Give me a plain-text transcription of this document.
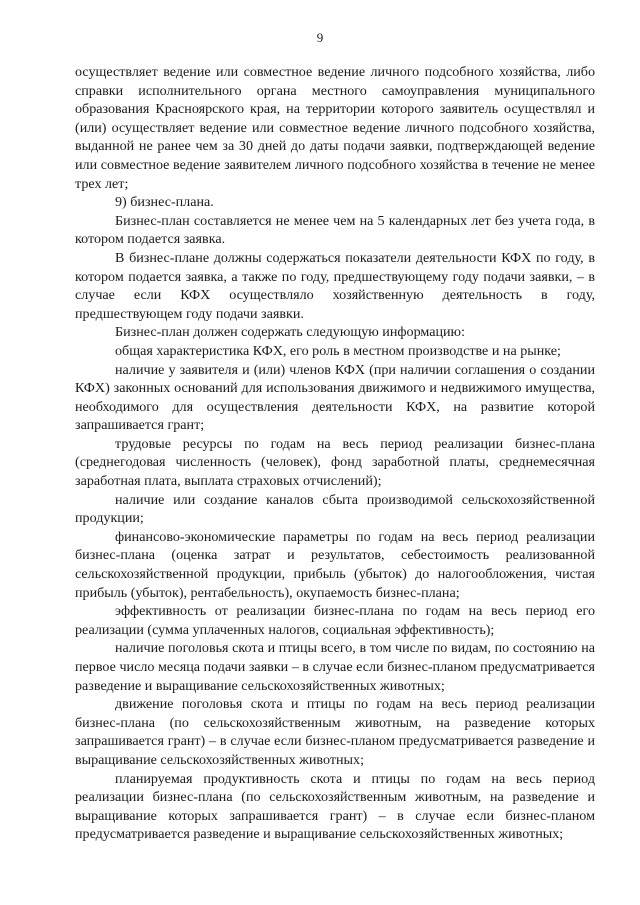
9

осуществляет ведение или совместное ведение личного подсобного хозяйства, либо справки исполнительного органа местного самоуправления муниципального образования Красноярского края, на территории которого заявитель осуществлял и (или) осуществляет ведение или совместное ведение личного подсобного хозяйства, выданной не ранее чем за 30 дней до даты подачи заявки, подтверждающей ведение или совместное ведение заявителем личного подсобного хозяйства в течение не менее трех лет;

9) бизнес-плана.

Бизнес-план составляется не менее чем на 5 календарных лет без учета года, в котором подается заявка.

В бизнес-плане должны содержаться показатели деятельности КФХ по году, в котором подается заявка, а также по году, предшествующему году подачи заявки, – в случае если КФХ осуществляло хозяйственную деятельность в году, предшествующем году подачи заявки.

Бизнес-план должен содержать следующую информацию:

общая характеристика КФХ, его роль в местном производстве и на рынке;

наличие у заявителя и (или) членов КФХ (при наличии соглашения о создании КФХ) законных оснований для использования движимого и недвижимого имущества, необходимого для осуществления деятельности КФХ, на развитие которой запрашивается грант;

трудовые ресурсы по годам на весь период реализации бизнес-плана (среднегодовая численность (человек), фонд заработной платы, среднемесячная заработная плата, выплата страховых отчислений);

наличие или создание каналов сбыта производимой сельскохозяйственной продукции;

финансово-экономические параметры по годам на весь период реализации бизнес-плана (оценка затрат и результатов, себестоимость реализованной сельскохозяйственной продукции, прибыль (убыток) до налогообложения, чистая прибыль (убыток), рентабельность), окупаемость бизнес-плана;

эффективность от реализации бизнес-плана по годам на весь период его реализации (сумма уплаченных налогов, социальная эффективность);

наличие поголовья скота и птицы всего, в том числе по видам, по состоянию на первое число месяца подачи заявки – в случае если бизнес-планом предусматривается разведение и выращивание сельскохозяйственных животных;

движение поголовья скота и птицы по годам на весь период реализации бизнес-плана (по сельскохозяйственным животным, на разведение которых запрашивается грант) – в случае если бизнес-планом предусматривается разведение и выращивание сельскохозяйственных животных;

планируемая продуктивность скота и птицы по годам на весь период реализации бизнес-плана (по сельскохозяйственным животным, на разведение и выращивание которых запрашивается грант) – в случае если бизнес-планом предусматривается разведение и выращивание сельскохозяйственных животных;
